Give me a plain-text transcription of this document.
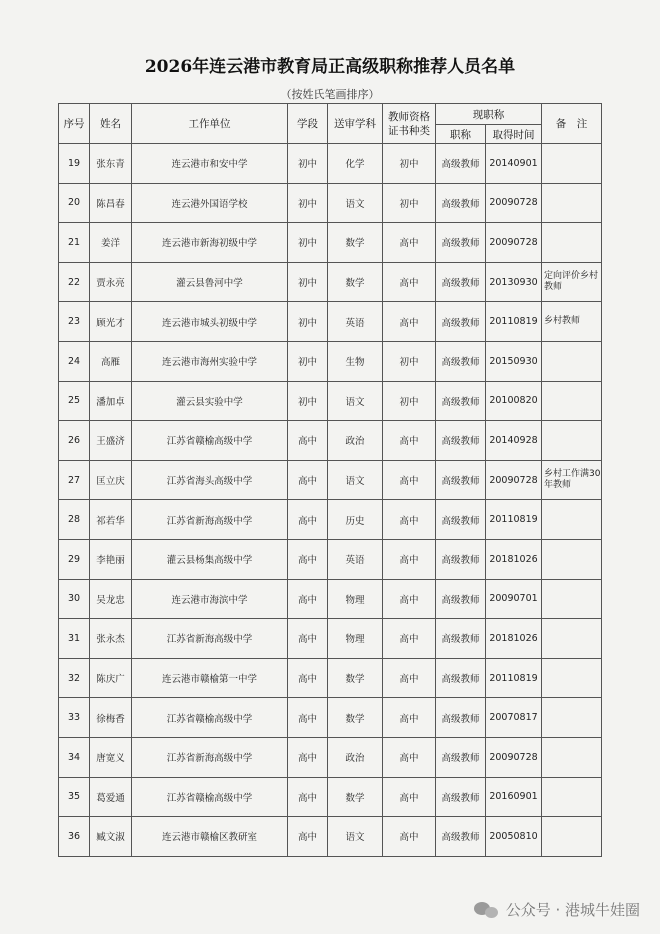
2026年连云港市教育局正高级职称推荐人员名单
（按姓氏笔画排序）
序号	姓名	工作单位	学段	送审学科	教师资格证书种类	现职称		备　注
						职称	取得时间	
19	张东青	连云港市和安中学	初中	化学	初中	高级教师	20140901	
20	陈昌春	连云港外国语学校	初中	语文	初中	高级教师	20090728	
21	姜洋	连云港市新海初级中学	初中	数学	高中	高级教师	20090728	
22	贾永亮	灌云县鲁河中学	初中	数学	高中	高级教师	20130930	定向评价乡村教师
23	顾光才	连云港市城头初级中学	初中	英语	高中	高级教师	20110819	乡村教师
24	高雁	连云港市海州实验中学	初中	生物	初中	高级教师	20150930	
25	潘加卓	灌云县实验中学	初中	语文	初中	高级教师	20100820	
26	王盛济	江苏省赣榆高级中学	高中	政治	高中	高级教师	20140928	
27	匡立庆	江苏省海头高级中学	高中	语文	高中	高级教师	20090728	乡村工作满30年教师
28	祁若华	江苏省新海高级中学	高中	历史	高中	高级教师	20110819	
29	李艳丽	灌云县杨集高级中学	高中	英语	高中	高级教师	20181026	
30	吴龙忠	连云港市海滨中学	高中	物理	高中	高级教师	20090701	
31	张永杰	江苏省新海高级中学	高中	物理	高中	高级教师	20181026	
32	陈庆广	连云港市赣榆第一中学	高中	数学	高中	高级教师	20110819	
33	徐梅香	江苏省赣榆高级中学	高中	数学	高中	高级教师	20070817	
34	唐宽义	江苏省新海高级中学	高中	政治	高中	高级教师	20090728	
35	葛爱通	江苏省赣榆高级中学	高中	数学	高中	高级教师	20160901	
36	臧文淑	连云港市赣榆区教研室	高中	语文	高中	高级教师	20050810	
公众号 · 港城牛娃圈
